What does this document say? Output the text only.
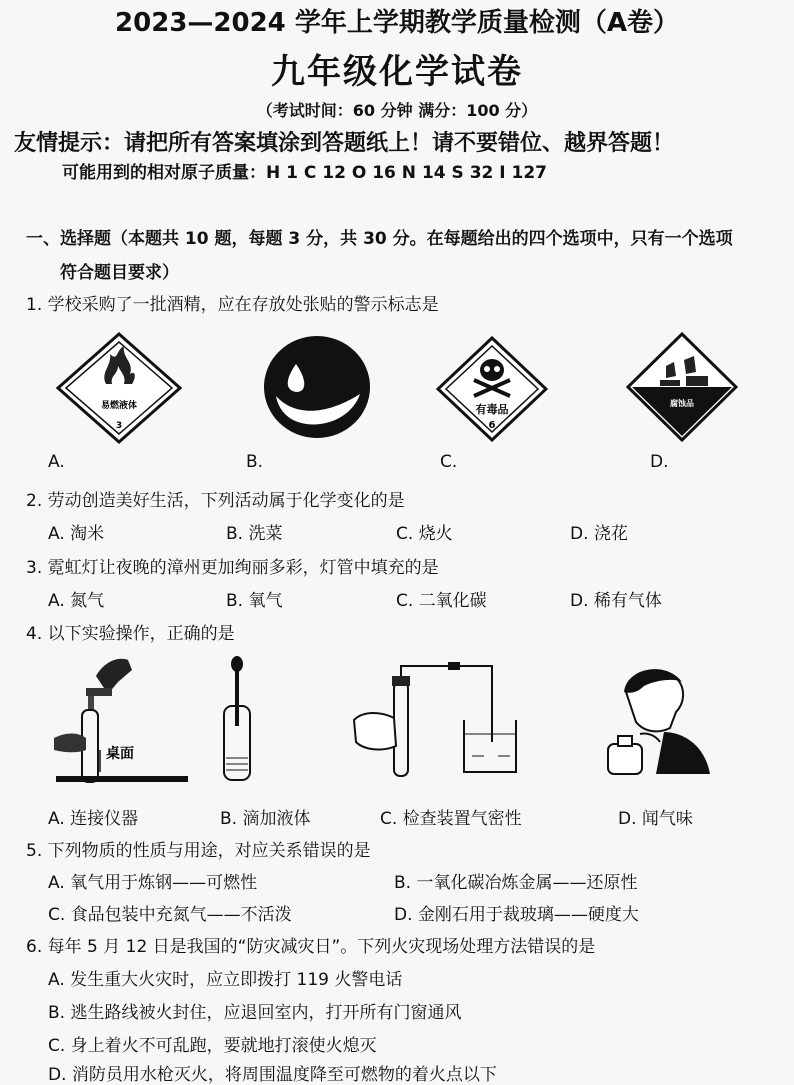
2023—2024 学年上学期教学质量检测（A卷）
九年级化学试卷
（考试时间：60 分钟 满分：100 分）
友情提示：请把所有答案填涂到答题纸上！请不要错位、越界答题！
可能用到的相对原子质量：H 1 C 12 O 16 N 14 S 32 I 127
一、选择题（本题共 10 题，每题 3 分，共 30 分。在每题给出的四个选项中，只有一个选项
符合题目要求）
1. 学校采购了一批酒精，应在存放处张贴的警示标志是
易燃液体
3
有毒品
6
腐蚀品
A.	B.	C.	D.
2. 劳动创造美好生活，下列活动属于化学变化的是
A. 淘米	B. 洗菜	C. 烧火	D. 浇花
3. 霓虹灯让夜晚的漳州更加绚丽多彩，灯管中填充的是
A. 氮气	B. 氧气	C. 二氧化碳	D. 稀有气体
4. 以下实验操作，正确的是
桌面
A. 连接仪器	B. 滴加液体	C. 检查装置气密性	D. 闻气味
5. 下列物质的性质与用途，对应关系错误的是
A. 氧气用于炼钢——可燃性	B. 一氧化碳冶炼金属——还原性
C. 食品包装中充氮气——不活泼	D. 金刚石用于裁玻璃——硬度大
6. 每年 5 月 12 日是我国的“防灾减灾日”。下列火灾现场处理方法错误的是
A. 发生重大火灾时，应立即拨打 119 火警电话
B. 逃生路线被火封住，应退回室内，打开所有门窗通风
C. 身上着火不可乱跑，要就地打滚使火熄灭
D. 消防员用水枪灭火，将周围温度降至可燃物的着火点以下
